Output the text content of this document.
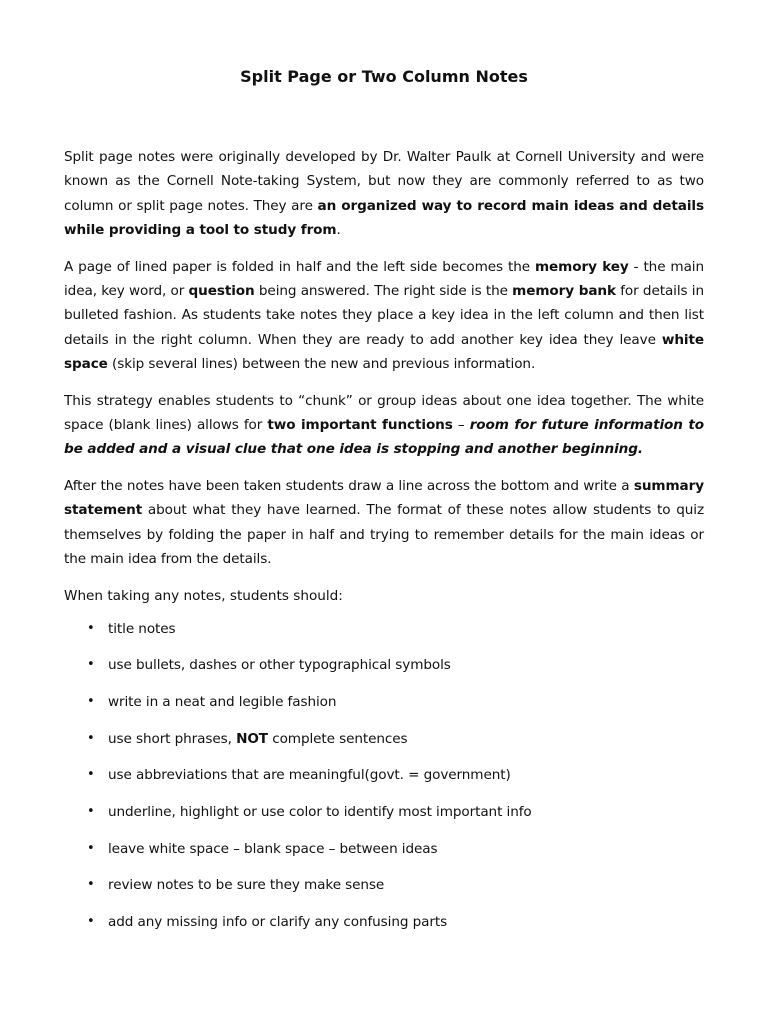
Split Page or Two Column Notes

Split page notes were originally developed by Dr. Walter Paulk at Cornell University and were known as the Cornell Note-taking System, but now they are commonly referred to as two column or split page notes. They are an organized way to record main ideas and details while providing a tool to study from.

A page of lined paper is folded in half and the left side becomes the memory key - the main idea, key word, or question being answered. The right side is the memory bank for details in bulleted fashion. As students take notes they place a key idea in the left column and then list details in the right column. When they are ready to add another key idea they leave white space (skip several lines) between the new and previous information.

This strategy enables students to “chunk” or group ideas about one idea together. The white space (blank lines) allows for two important functions – room for future information to be added and a visual clue that one idea is stopping and another beginning.

After the notes have been taken students draw a line across the bottom and write a summary statement about what they have learned. The format of these notes allow students to quiz themselves by folding the paper in half and trying to remember details for the main ideas or the main idea from the details.

When taking any notes, students should:

• title notes
• use bullets, dashes or other typographical symbols
• write in a neat and legible fashion
• use short phrases, NOT complete sentences
• use abbreviations that are meaningful(govt. = government)
• underline, highlight or use color to identify most important info
• leave white space – blank space – between ideas
• review notes to be sure they make sense
• add any missing info or clarify any confusing parts
